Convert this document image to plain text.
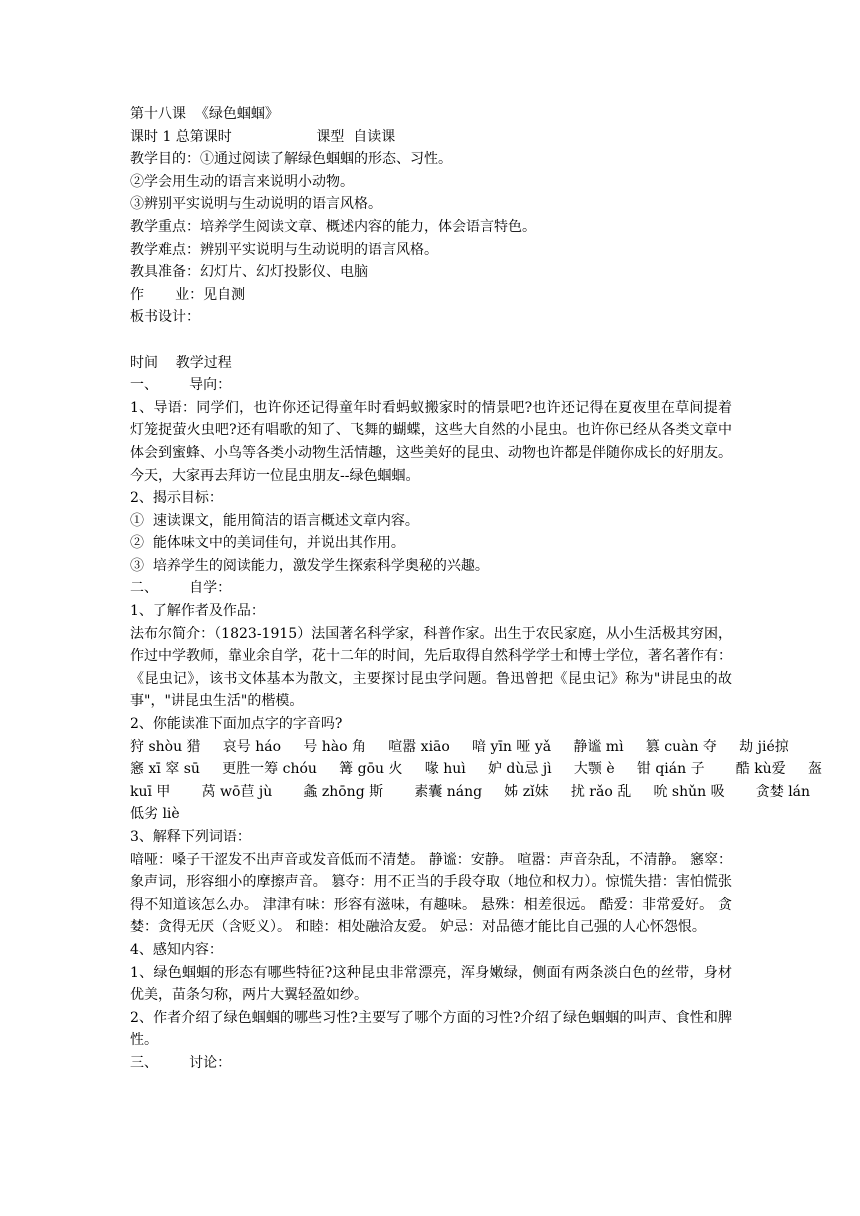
第十八课  《绿色蝈蝈》

课时 1 总第课时                   课型  自读课

教学目的：①通过阅读了解绿色蝈蝈的形态、习性。

②学会用生动的语言来说明小动物。

③辨别平实说明与生动说明的语言风格。

教学重点：培养学生阅读文章、概述内容的能力，体会语言特色。

教学难点：辨别平实说明与生动说明的语言风格。

教具准备：幻灯片、幻灯投影仪、电脑

作       业：见自测

板书设计：

时间    教学过程

一、       导向：

1、导语：同学们，也许你还记得童年时看蚂蚁搬家时的情景吧?也许还记得在夏夜里在草间提着灯笼捉萤火虫吧?还有唱歌的知了、飞舞的蝴蝶，这些大自然的小昆虫。也许你已经从各类文章中体会到蜜蜂、小鸟等各类小动物生活情趣，这些美好的昆虫、动物也许都是伴随你成长的好朋友。今天，大家再去拜访一位昆虫朋友--绿色蝈蝈。

2、揭示目标：

①  速读课文，能用简洁的语言概述文章内容。

②  能体味文中的美词佳句，并说出其作用。

③  培养学生的阅读能力，激发学生探索科学奥秘的兴趣。

二、       自学：

1、了解作者及作品：

法布尔简介：（1823-1915）法国著名科学家，科普作家。出生于农民家庭，从小生活极其穷困，作过中学教师，靠业余自学，花十二年的时间，先后取得自然科学学士和博士学位，著名著作有：《昆虫记》，该书文体基本为散文，主要探讨昆虫学问题。鲁迅曾把《昆虫记》称为"讲昆虫的故事"，"讲昆虫生活"的楷模。

2、你能读准下面加点字的字音吗?

狩 shòu 猎     哀号 háo     号 hào 角     喧嚣 xiāo     喑 yīn 哑 yǎ     静谧 mì     篡 cuàn 夺     劫 jié掠

窸 xī 窣 sū     更胜一筹 chóu     篝 gōu 火     喙 huì     妒 dù忌 jì     大颚 è     钳 qián 子       酷 kù爱     盔

kuī 甲       莴 wō苣 jù       螽 zhōng 斯       素囊 náng     姊 zǐ妹     扰 rǎo 乱     吮 shǔn 吸       贪婪 lán

低劣 liè

3、解释下列词语：

喑哑：嗓子干涩发不出声音或发音低而不清楚。 静谧：安静。 喧嚣：声音杂乱，不清静。 窸窣：象声词，形容细小的摩擦声音。 篡夺：用不正当的手段夺取（地位和权力）。惊慌失措：害怕慌张得不知道该怎么办。 津津有味：形容有滋味，有趣味。 悬殊：相差很远。 酷爱：非常爱好。 贪婪：贪得无厌（含贬义）。 和睦：相处融洽友爱。 妒忌：对品德才能比自己强的人心怀怨恨。

4、感知内容：

1、绿色蝈蝈的形态有哪些特征?这种昆虫非常漂亮，浑身嫩绿，侧面有两条淡白色的丝带，身材优美，苗条匀称，两片大翼轻盈如纱。

2、作者介绍了绿色蝈蝈的哪些习性?主要写了哪个方面的习性?介绍了绿色蝈蝈的叫声、食性和脾性。

三、       讨论：
